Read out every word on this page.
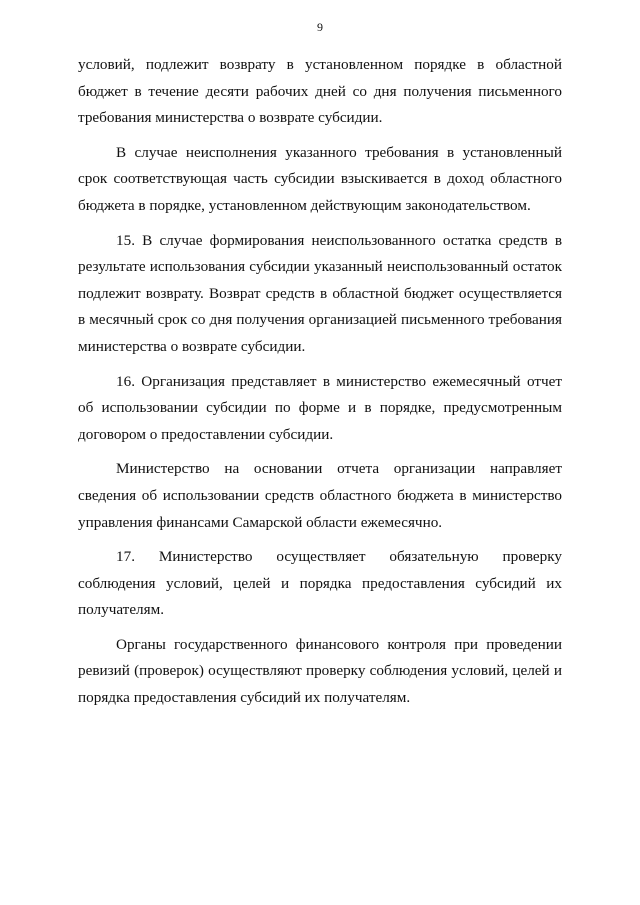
9

условий, подлежит возврату в установленном порядке в областной бюджет в течение десяти рабочих дней со дня получения письменного требования министерства о возврате субсидии.

В случае неисполнения указанного требования в установленный срок соответствующая часть субсидии взыскивается в доход областного бюджета в порядке, установленном действующим законодательством.

15. В случае формирования неиспользованного остатка средств в результате использования субсидии указанный неиспользованный остаток подлежит возврату. Возврат средств в областной бюджет осуществляется в месячный срок со дня получения организацией письменного требования министерства о возврате субсидии.

16. Организация представляет в министерство ежемесячный отчет об использовании субсидии по форме и в порядке, предусмотренным договором о предоставлении субсидии.

Министерство на основании отчета организации направляет сведения об использовании средств областного бюджета в министерство управления финансами Самарской области ежемесячно.

17. Министерство осуществляет обязательную проверку соблюдения условий, целей и порядка предоставления субсидий их получателям.

Органы государственного финансового контроля при проведении ревизий (проверок) осуществляют проверку соблюдения условий, целей и порядка предоставления субсидий их получателям.
